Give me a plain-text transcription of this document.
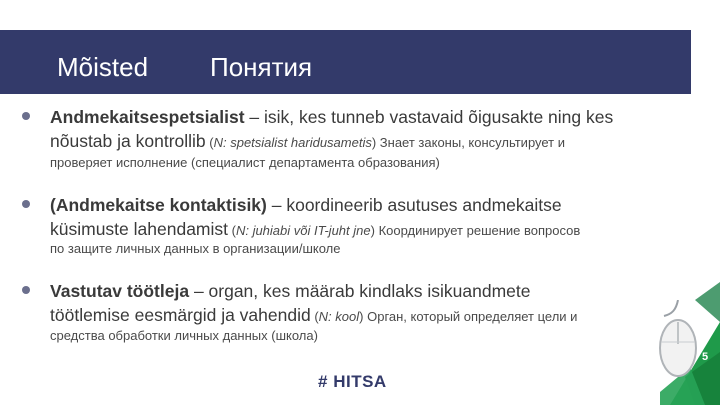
Mõisted Понятия
Andmekaitsespetsialist – isik, kes tunneb vastavaid õigusakte ning kes
nõustab ja kontrollib (N: spetsialist haridusametis) Знает законы, консультирует и
проверяет исполнение (специалист департамента образования)
(Andmekaitse kontaktisik) – koordineerib asutuses andmekaitse
küsimuste lahendamist (N: juhiabi või IT-juht jne) Координирует решение вопросов
по защите личных данных в организации/школе
Vastutav töötleja – organ, kes määrab kindlaks isikuandmete
töötlemise eesmärgid ja vahendid (N: kool) Орган, который определяет цели и
средства обработки личных данных (школа)
5
# HITSA
